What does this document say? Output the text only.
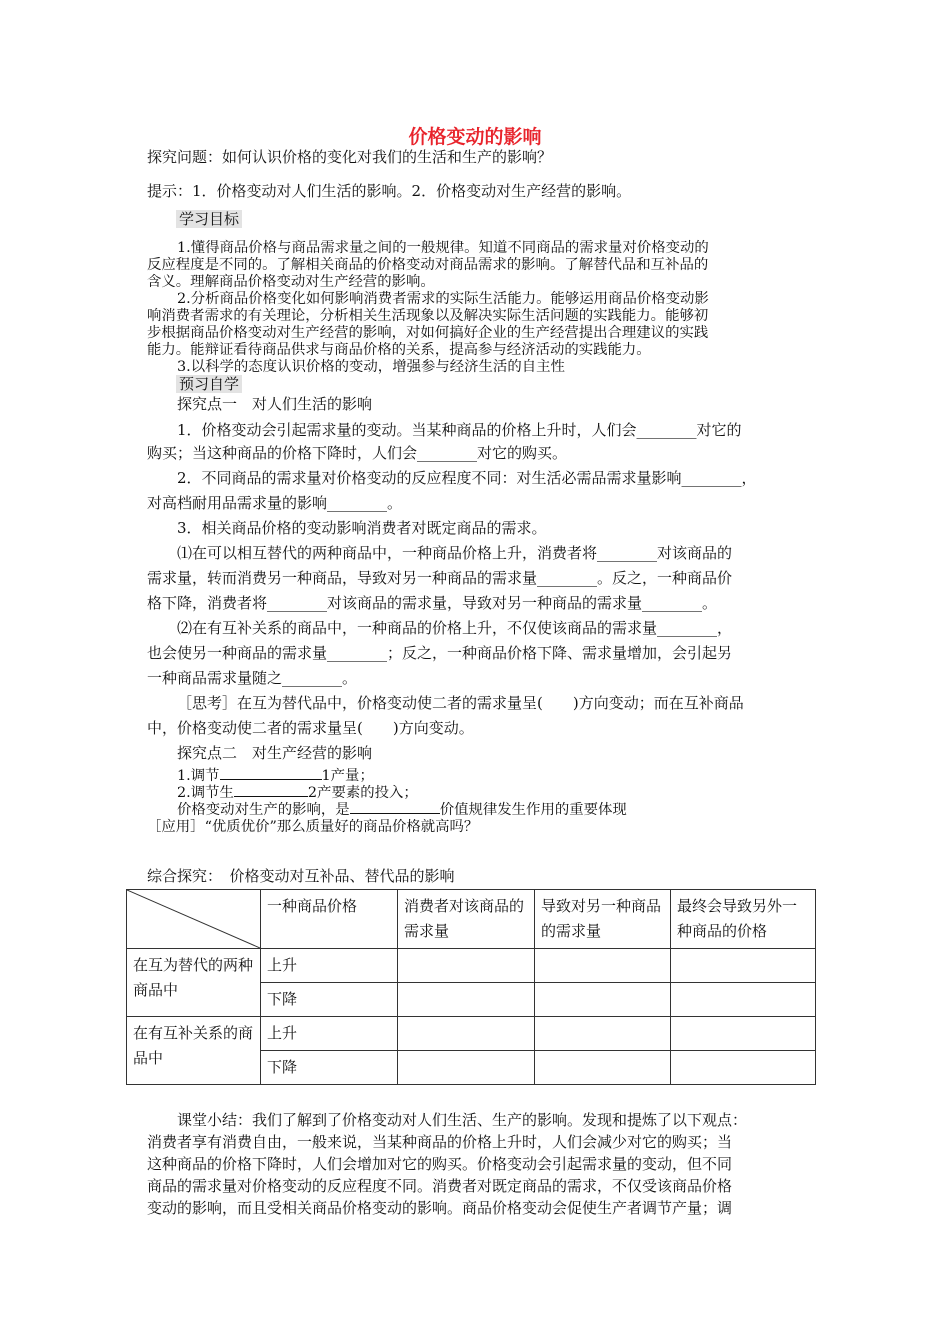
价格变动的影响
探究问题：如何认识价格的变化对我们的生活和生产的影响？
提示：1．价格变动对人们生活的影响。2．价格变动对生产经营的影响。
学习目标
1.懂得商品价格与商品需求量之间的一般规律。知道不同商品的需求量对价格变动的
反应程度是不同的。了解相关商品的价格变动对商品需求的影响。了解替代品和互补品的
含义。理解商品价格变动对生产经营的影响。
2.分析商品价格变化如何影响消费者需求的实际生活能力。能够运用商品价格变动影
响消费者需求的有关理论，分析相关生活现象以及解决实际生活问题的实践能力。能够初
步根据商品价格变动对生产经营的影响，对如何搞好企业的生产经营提出合理建议的实践
能力。能辩证看待商品供求与商品价格的关系，提高参与经济活动的实践能力。
3.以科学的态度认识价格的变动，增强参与经济生活的自主性
预习自学
探究点一　对人们生活的影响
1．价格变动会引起需求量的变动。当某种商品的价格上升时，人们会________对它的
购买；当这种商品的价格下降时，人们会________对它的购买。
2．不同商品的需求量对价格变动的反应程度不同：对生活必需品需求量影响________，
对高档耐用品需求量的影响________。
3．相关商品价格的变动影响消费者对既定商品的需求。
⑴在可以相互替代的两种商品中，一种商品价格上升，消费者将________对该商品的
需求量，转而消费另一种商品，导致对另一种商品的需求量________。反之，一种商品价
格下降，消费者将________对该商品的需求量，导致对另一种商品的需求量________。
⑵在有互补关系的商品中，一种商品的价格上升，不仅使该商品的需求量________，
也会使另一种商品的需求量________；反之，一种商品价格下降、需求量增加，会引起另
一种商品需求量随之________。
［思考］在互为替代品中，价格变动使二者的需求量呈(　　)方向变动；而在互补商品
中，价格变动使二者的需求量呈(　　)方向变动。
探究点二　对生产经营的影响
1.调节	1产量；
2.调节生	2产要素的投入；
价格变动对生产的影响，是	价值规律发生作用的重要体现
［应用］“优质优价”那么质量好的商品价格就高吗？
综合探究：　价格变动对互补品、替代品的影响
	一种商品价格	消费者对该商品的需求量	导致对另一种商品的需求量	最终会导致另外一种商品的价格
在互为替代的两种商品中	上升			
	下降			
在有互补关系的商品中	上升			
	下降			
课堂小结：我们了解到了价格变动对人们生活、生产的影响。发现和提炼了以下观点：
消费者享有消费自由，一般来说，当某种商品的价格上升时，人们会减少对它的购买；当
这种商品的价格下降时，人们会增加对它的购买。价格变动会引起需求量的变动，但不同
商品的需求量对价格变动的反应程度不同。消费者对既定商品的需求，不仅受该商品价格
变动的影响，而且受相关商品价格变动的影响。商品价格变动会促使生产者调节产量；调
